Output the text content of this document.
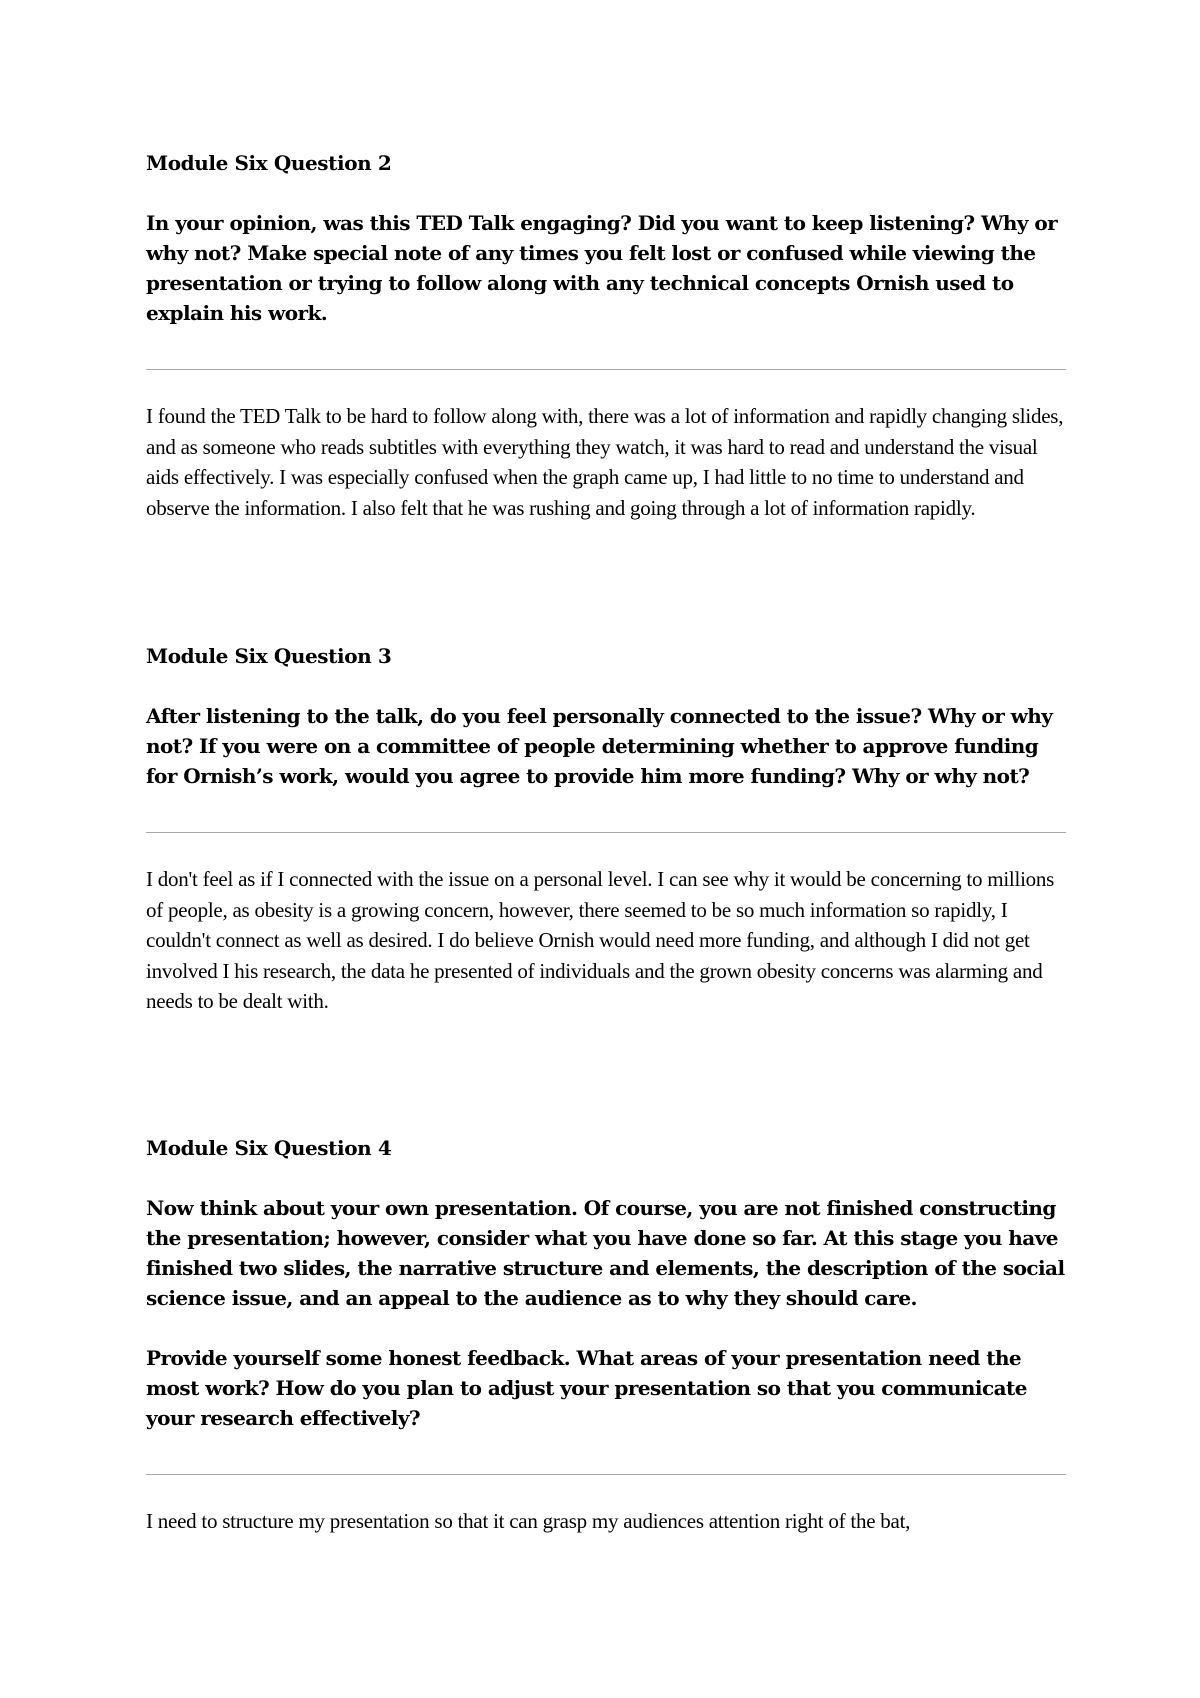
Module Six Question 2

In your opinion, was this TED Talk engaging? Did you want to keep listening? Why or why not? Make special note of any times you felt lost or confused while viewing the presentation or trying to follow along with any technical concepts Ornish used to explain his work.

I found the TED Talk to be hard to follow along with, there was a lot of information and rapidly changing slides, and as someone who reads subtitles with everything they watch, it was hard to read and understand the visual aids effectively. I was especially confused when the graph came up, I had little to no time to understand and observe the information. I also felt that he was rushing and going through a lot of information rapidly.

Module Six Question 3

After listening to the talk, do you feel personally connected to the issue? Why or why not? If you were on a committee of people determining whether to approve funding for Ornish’s work, would you agree to provide him more funding? Why or why not?

I don't feel as if I connected with the issue on a personal level. I can see why it would be concerning to millions of people, as obesity is a growing concern, however, there seemed to be so much information so rapidly, I couldn't connect as well as desired. I do believe Ornish would need more funding, and although I did not get involved I his research, the data he presented of individuals and the grown obesity concerns was alarming and needs to be dealt with.

Module Six Question 4

Now think about your own presentation. Of course, you are not finished constructing the presentation; however, consider what you have done so far. At this stage you have finished two slides, the narrative structure and elements, the description of the social science issue, and an appeal to the audience as to why they should care.

Provide yourself some honest feedback. What areas of your presentation need the most work? How do you plan to adjust your presentation so that you communicate your research effectively?

I need to structure my presentation so that it can grasp my audiences attention right of the bat,
